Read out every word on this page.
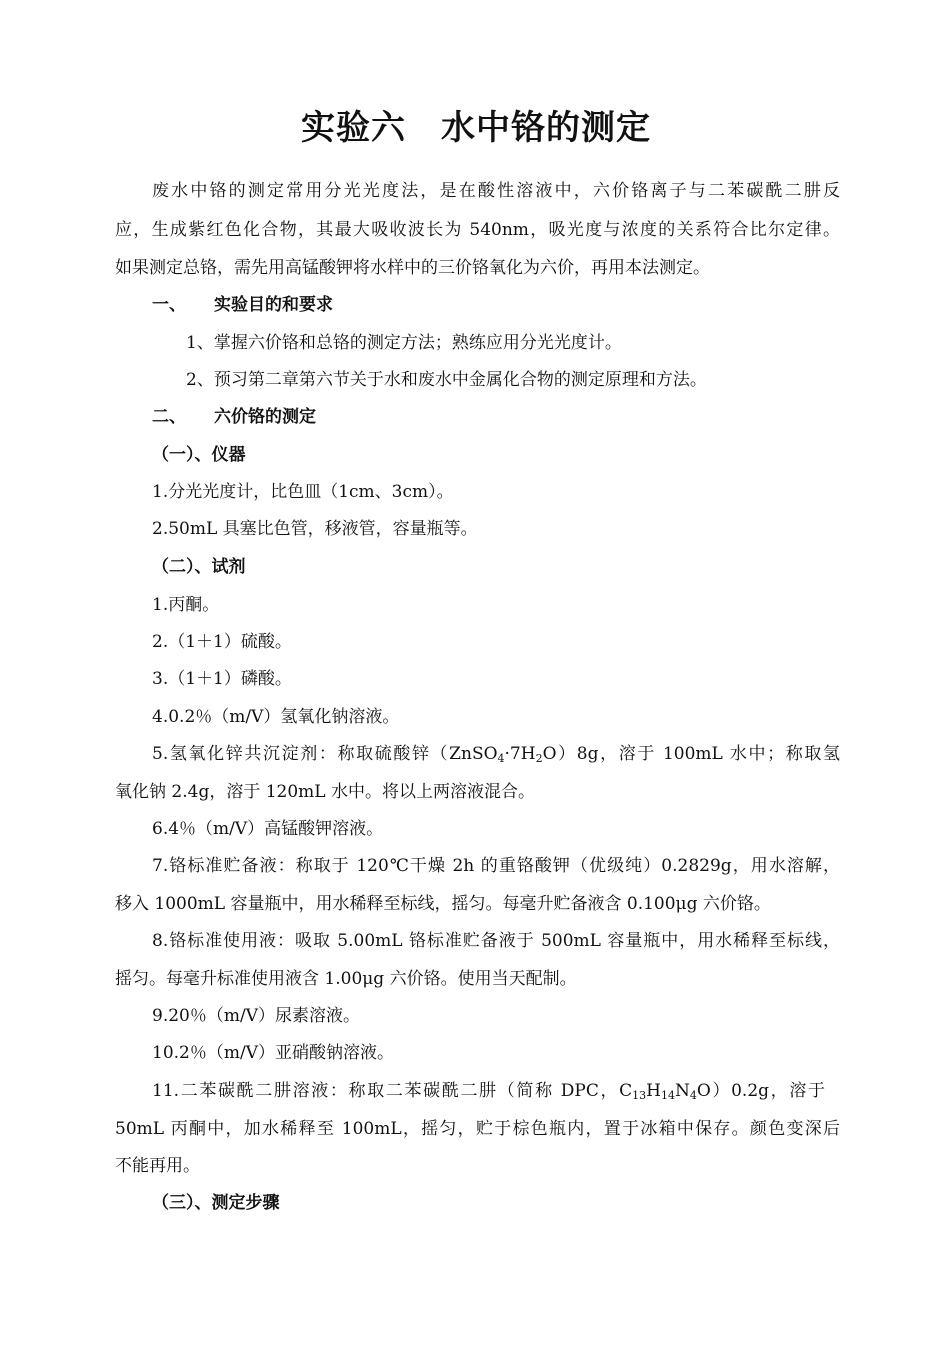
实验六　水中铬的测定
废水中铬的测定常用分光光度法，是在酸性溶液中，六价铬离子与二苯碳酰二肼反
应，生成紫红色化合物，其最大吸收波长为 540nm，吸光度与浓度的关系符合比尔定律。
如果测定总铬，需先用高锰酸钾将水样中的三价铬氧化为六价，再用本法测定。
一、 实验目的和要求
1、掌握六价铬和总铬的测定方法；熟练应用分光光度计。
2、预习第二章第六节关于水和废水中金属化合物的测定原理和方法。
二、 六价铬的测定
（一）、仪器
1.分光光度计，比色皿（1cm、3cm）。
2.50mL 具塞比色管，移液管，容量瓶等。
（二）、试剂
1.丙酮。
2.（1＋1）硫酸。
3.（1＋1）磷酸。
4.0.2％（m/V）氢氧化钠溶液。
5.氢氧化锌共沉淀剂：称取硫酸锌$(ZnSO_4\cdot 7H_2O)8g$，溶于 100mL 水中；称取氢
氧化钠 2.4g，溶于 120mL 水中。将以上两溶液混合。
6.4％（m/V）高锰酸钾溶液。
7.铬标准贮备液：称取于 120℃干燥 2h 的重铬酸钾（优级纯）0.2829g，用水溶解，
移入 1000mL 容量瓶中，用水稀释至标线，摇匀。每毫升贮备液含 0.100μg 六价铬。
8.铬标准使用液：吸取 5.00mL 铬标准贮备液于 500mL 容量瓶中，用水稀释至标线，
摇匀。每毫升标准使用液含 1.00μg 六价铬。使用当天配制。
9.20％（m/V）尿素溶液。
10.2％（m/V）亚硝酸钠溶液。
11.二苯碳酰二肼溶液：称取二苯碳酰二肼（简称 DPC，$C_{13}H_{14}N_4O)0.2g$，溶于
50mL 丙酮中，加水稀释至 100mL，摇匀，贮于棕色瓶内，置于冰箱中保存。颜色变深后
不能再用。
（三）、测定步骤
